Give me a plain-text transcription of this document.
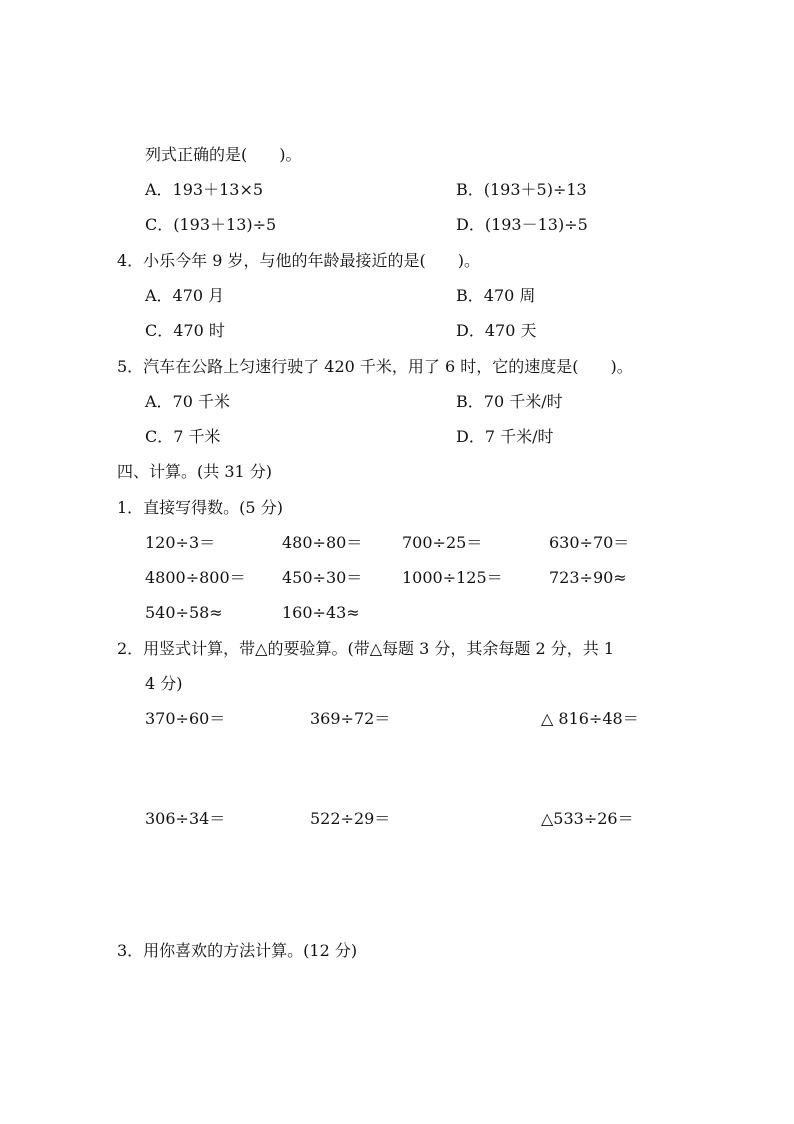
列式正确的是(　　)。
A．193＋13×5	B．(193＋5)÷13
C．(193＋13)÷5	D．(193－13)÷5
4．小乐今年 9 岁，与他的年龄最接近的是(　　)。
A．470 月	B．470 周
C．470 时	D．470 天
5．汽车在公路上匀速行驶了 420 千米，用了 6 时，它的速度是(　　)。
A．70 千米	B．70 千米/时
C．7 千米	D．7 千米/时
四、计算。(共 31 分)
1．直接写得数。(5 分)
120÷3＝	480÷80＝ 700÷25＝	630÷70＝
4800÷800＝ 450÷30＝ 1000÷125＝	723÷90≈
540÷58≈	160÷43≈
2．用竖式计算，带△的要验算。(带△每题 3 分，其余每题 2 分，共 1
4 分)
370÷60＝	369÷72＝	△ 816÷48＝
306÷34＝	522÷29＝	△533÷26＝
3．用你喜欢的方法计算。(12 分)
